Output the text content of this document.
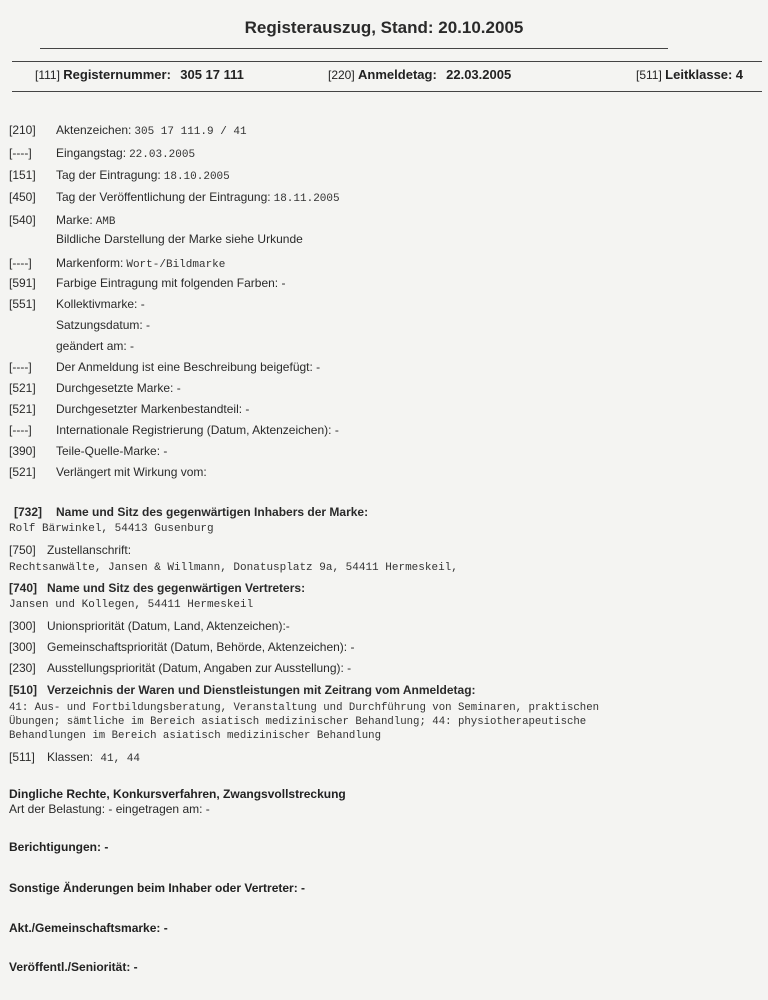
Registerauszug, Stand: 20.10.2005
[111] Registernummer: 305 17 111	[220] Anmeldetag: 22.03.2005	[511] Leitklasse: 4
[210] Aktenzeichen: 305 17 111.9 / 41
[----] Eingangstag: 22.03.2005
[151] Tag der Eintragung: 18.10.2005
[450] Tag der Veröffentlichung der Eintragung: 18.11.2005
[540] Marke: AMB
Bildliche Darstellung der Marke siehe Urkunde
[----] Markenform: Wort-/Bildmarke
[591] Farbige Eintragung mit folgenden Farben: -
[551] Kollektivmarke: -
Satzungsdatum: -
geändert am: -
[----] Der Anmeldung ist eine Beschreibung beigefügt: -
[521] Durchgesetzte Marke: -
[521] Durchgesetzter Markenbestandteil: -
[----] Internationale Registrierung (Datum, Aktenzeichen): -
[390] Teile-Quelle-Marke: -
[521] Verlängert mit Wirkung vom:
[732] Name und Sitz des gegenwärtigen Inhabers der Marke:
Rolf Bärwinkel, 54413 Gusenburg
[750] Zustellanschrift:
Rechtsanwälte, Jansen & Willmann, Donatusplatz 9a, 54411 Hermeskeil,
[740] Name und Sitz des gegenwärtigen Vertreters:
Jansen und Kollegen, 54411 Hermeskeil
[300] Unionspriorität (Datum, Land, Aktenzeichen):-
[300] Gemeinschaftspriorität (Datum, Behörde, Aktenzeichen): -
[230] Ausstellungspriorität (Datum, Angaben zur Ausstellung): -
[510] Verzeichnis der Waren und Dienstleistungen mit Zeitrang vom Anmeldetag:
41: Aus- und Fortbildungsberatung, Veranstaltung und Durchführung von Seminaren, praktischen
Übungen; sämtliche im Bereich asiatisch medizinischer Behandlung; 44: physiotherapeutische
Behandlungen im Bereich asiatisch medizinischer Behandlung
[511] Klassen: 41, 44
Dingliche Rechte, Konkursverfahren, Zwangsvollstreckung
Art der Belastung: - eingetragen am: -
Berichtigungen: -
Sonstige Änderungen beim Inhaber oder Vertreter: -
Akt./Gemeinschaftsmarke: -
Veröffentl./Seniorität: -
